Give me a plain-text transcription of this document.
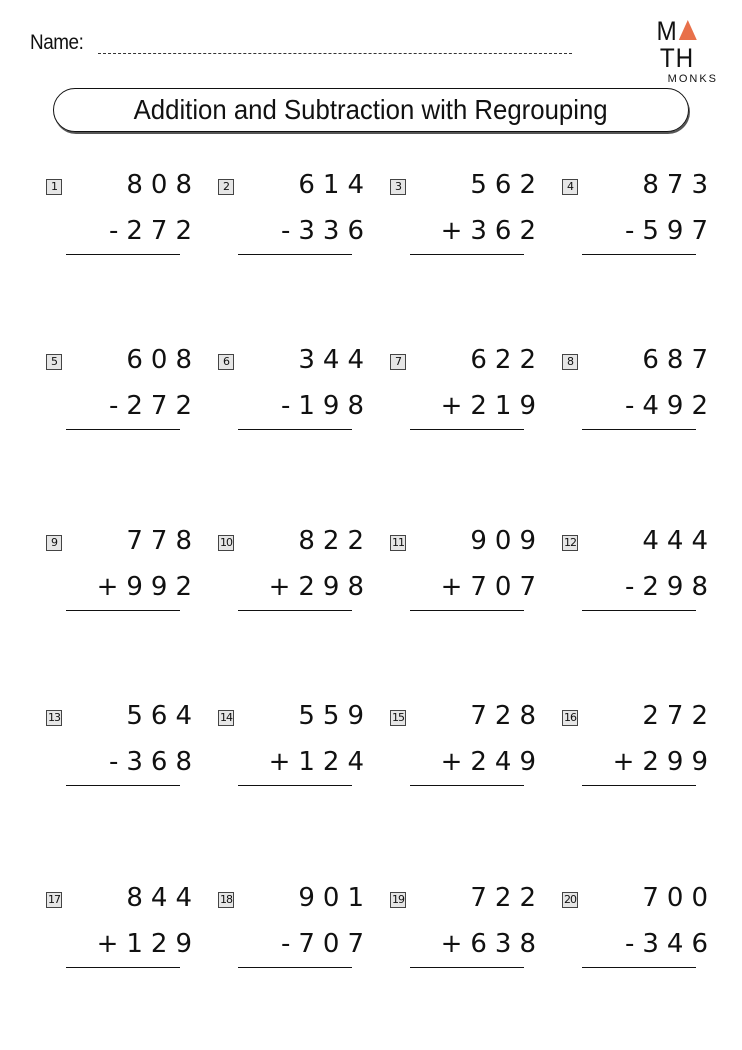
Name:	MTH
MONKS
Addition and Subtraction with Regrouping
1	808
-272
2	614
-336
3	562
+362
4	873
-597
5	608
-272
6	344
-198
7	622
+219
8	687
-492
9	778
+992
10	822
+298
11	909
+707
12	444
-298
13	564
-368
14	559
+124
15	728
+249
16	272
+299
17	844
+129
18	901
-707
19	722
+638
20	700
-346
